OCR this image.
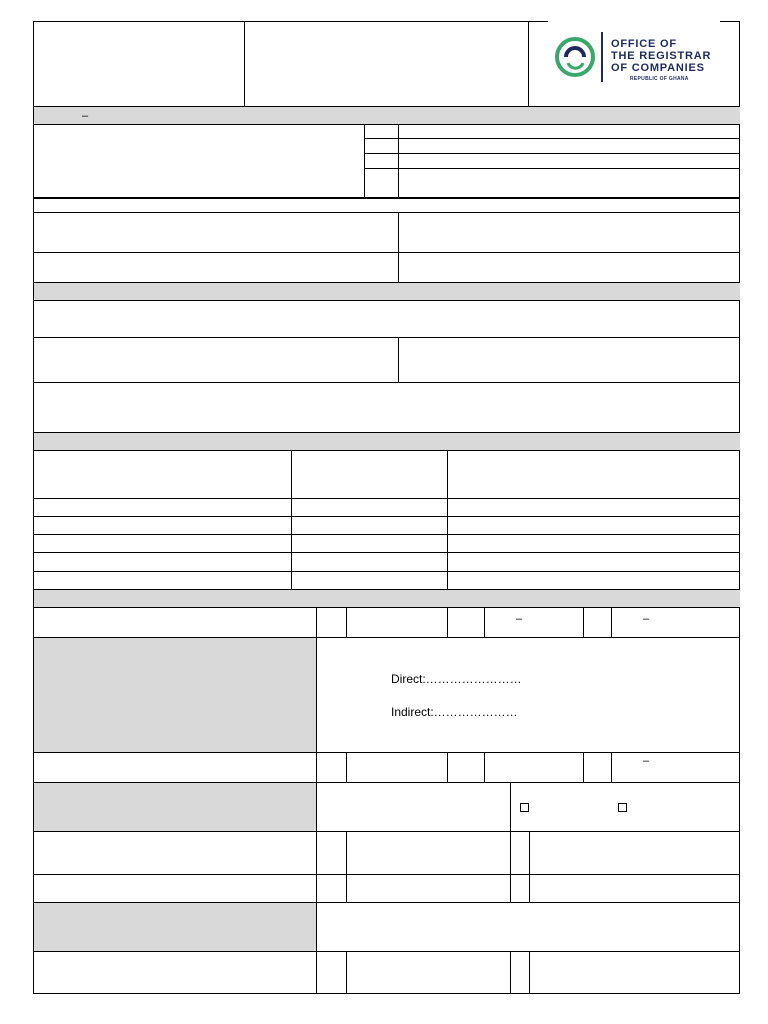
OFFICE OF
THE REGISTRAR
OF COMPANIES
REPUBLIC OF GHANA
–
–	–
Direct:……………………
Indirect:…………………
–
